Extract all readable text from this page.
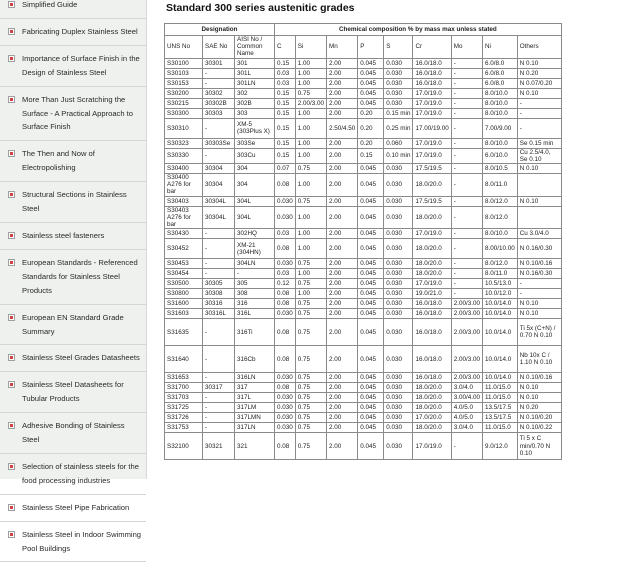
Simplified Guide
Fabricating Duplex Stainless Steel
Importance of Surface Finish in the Design of Stainless Steel
More Than Just Scratching the Surface - A Practical Approach to Surface Finish
The Then and Now of Electropolishing
Structural Sections in Stainless Steel
Stainless steel fasteners
European Standards - Referenced Standards for Stainless Steel Products
European EN Standard Grade Summary
Stainless Steel Grades Datasheets
Stainless Steel Datasheets for Tubular Products
Adhesive Bonding of Stainless Steel
Selection of stainless steels for the food processing industries
Stainless Steel Pipe Fabrication
Stainless Steel in Indoor Swimming Pool Buildings
Standard 300 series austenitic grades
Designation			Chemical composition % by mass max unless stated								
UNS No	SAE No	AISI No / Common Name	C	Si	Mn	P	S	Cr	Mo	Ni	Others
S30100	30301	301	0.15	1.00	2.00	0.045	0.030	16.0/18.0	-	6.0/8.0	N 0.10
S30103	-	301L	0.03	1.00	2.00	0.045	0.030	16.0/18.0	-	6.0/8.0	N 0.20
S30153	-	301LN	0.03	1.00	2.00	0.045	0.030	16.0/18.0	-	6.0/8.0	N 0.07/0.20
S30200	30302	302	0.15	0.75	2.00	0.045	0.030	17.0/19.0	-	8.0/10.0	N 0.10
S30215	30302B	302B	0.15	2.00/3.00	2.00	0.045	0.030	17.0/19.0	-	8.0/10.0	-
S30300	30303	303	0.15	1.00	2.00	0.20	0.15 min	17.0/19.0	-	8.0/10.0	-
S30310	-	XM-5 (303Plus X)	0.15	1.00	2.50/4.50	0.20	0.25 min	17.00/19.00	-	7.00/9.00	-
S30323	30303Se	303Se	0.15	1.00	2.00	0.20	0.060	17.0/19.0	-	8.0/10.0	Se 0.15 min
S30330	-	303Cu	0.15	1.00	2.00	0.15	0.10 min	17.0/19.0	-	6.0/10.0	Cu 2.5/4.0, Se 0.10
S30400	30304	304	0.07	0.75	2.00	0.045	0.030	17.5/19.5	-	8.0/10.5	N 0.10
S30400 A276 for bar	30304	304	0.08	1.00	2.00	0.045	0.030	18.0/20.0	-	8.0/11.0	
S30403	30304L	304L	0.030	0.75	2.00	0.045	0.030	17.5/19.5	-	8.0/12.0	N 0.10
S30403 A276 for bar	30304L	304L	0.030	1.00	2.00	0.045	0.030	18.0/20.0	-	8.0/12.0	
S30430	-	302HQ	0.03	1.00	2.00	0.045	0.030	17.0/19.0	-	8.0/10.0	Cu 3.0/4.0
S30452	-	XM-21 (304HN)	0.08	1.00	2.00	0.045	0.030	18.0/20.0	-	8.00/10.00	N 0.16/0.30
S30453	-	304LN	0.030	0.75	2.00	0.045	0.030	18.0/20.0	-	8.0/12.0	N 0.10/0.16
S30454	-	-	0.03	1.00	2.00	0.045	0.030	18.0/20.0	-	8.0/11.0	N 0.16/0.30
S30500	30305	305	0.12	0.75	2.00	0.045	0.030	17.0/19.0	-	10.5/13.0	-
S30800	30308	308	0.08	1.00	2.00	0.045	0.030	19.0/21.0	-	10.0/12.0	-
S31600	30316	316	0.08	0.75	2.00	0.045	0.030	16.0/18.0	2.00/3.00	10.0/14.0	N 0.10
S31603	30316L	316L	0.030	0.75	2.00	0.045	0.030	16.0/18.0	2.00/3.00	10.0/14.0	N 0.10
S31635	-	316Ti	0.08	0.75	2.00	0.045	0.030	16.0/18.0	2.00/3.00	10.0/14.0	Ti 5x (C+N) / 0.70 N 0.10
S31640	-	316Cb	0.08	0.75	2.00	0.045	0.030	16.0/18.0	2.00/3.00	10.0/14.0	Nb 10x C / 1.10 N 0.10
S31653	-	316LN	0.030	0.75	2.00	0.045	0.030	16.0/18.0	2.00/3.00	10.0/14.0	N 0.10/0.16
S31700	30317	317	0.08	0.75	2.00	0.045	0.030	18.0/20.0	3.0/4.0	11.0/15.0	N 0.10
S31703	-	317L	0.030	0.75	2.00	0.045	0.030	18.0/20.0	3.00/4.00	11.0/15.0	N 0.10
S31725	-	317LM	0.030	0.75	2.00	0.045	0.030	18.0/20.0	4.0/5.0	13.5/17.5	N 0.20
S31726	-	317LMN	0.030	0.75	2.00	0.045	0.030	17.0/20.0	4.0/5.0	13.5/17.5	N 0.10/0.20
S31753	-	317LN	0.030	0.75	2.00	0.045	0.030	18.0/20.0	3.0/4.0	11.0/15.0	N 0.10/0.22
S32100	30321	321	0.08	0.75	2.00	0.045	0.030	17.0/19.0	-	9.0/12.0	Ti 5 x C min/0.70 N 0.10
